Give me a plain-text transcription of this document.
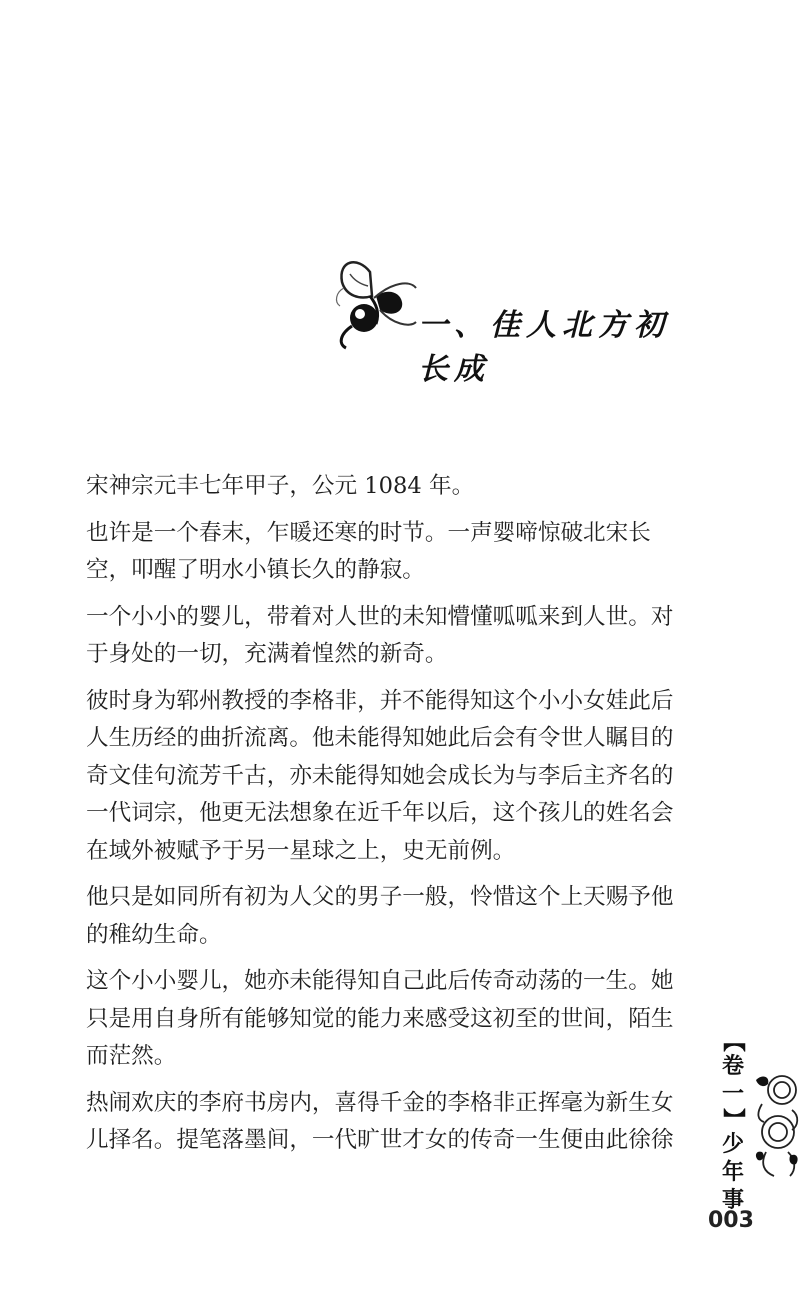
一、佳人北方初长成

宋神宗元丰七年甲子，公元 1084 年。

也许是一个春末，乍暖还寒的时节。一声婴啼惊破北宋长空，叩醒了明水小镇长久的静寂。

一个小小的婴儿，带着对人世的未知懵懂呱呱来到人世。对于身处的一切，充满着惶然的新奇。

彼时身为郓州教授的李格非，并不能得知这个小小女娃此后人生历经的曲折流离。他未能得知她此后会有令世人瞩目的奇文佳句流芳千古，亦未能得知她会成长为与李后主齐名的一代词宗，他更无法想象在近千年以后，这个孩儿的姓名会在域外被赋予于另一星球之上，史无前例。

他只是如同所有初为人父的男子一般，怜惜这个上天赐予他的稚幼生命。

这个小小婴儿，她亦未能得知自己此后传奇动荡的一生。她只是用自身所有能够知觉的能力来感受这初至的世间，陌生而茫然。

热闹欢庆的李府书房内，喜得千金的李格非正挥毫为新生女儿择名。提笔落墨间，一代旷世才女的传奇一生便由此徐徐

【
卷一
】
少年事
003
